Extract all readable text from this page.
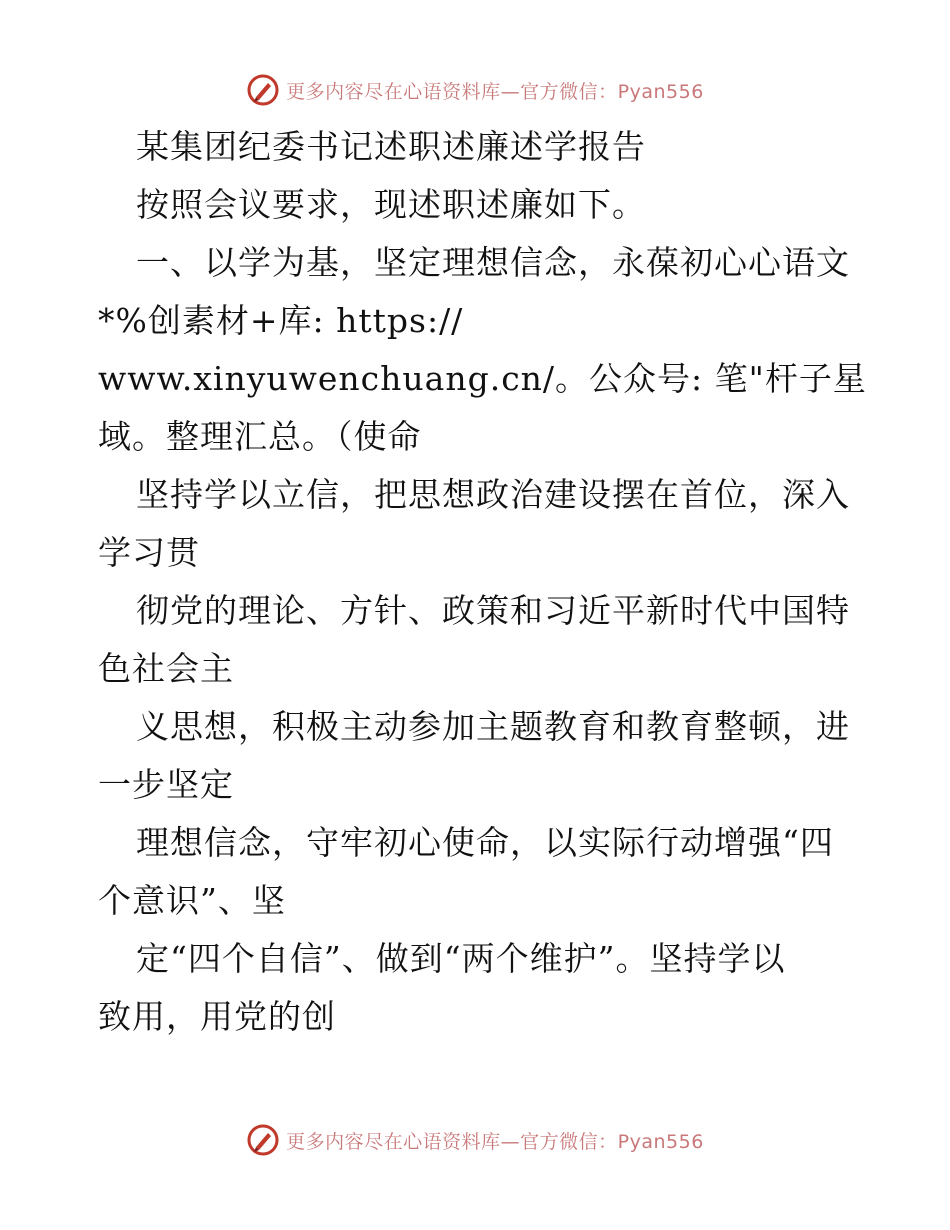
更多内容尽在心语资料库—官方微信：Pyan556
某集团纪委书记述职述廉述学报告
按照会议要求，现述职述廉如下。
一、以学为基，坚定理想信念，永葆初心心语文
*%创素材+库: https://
www.xinyuwenchuang.cn/。公众号: 笔"杆子星
域。整理汇总。（使命
坚持学以立信，把思想政治建设摆在首位，深入
学习贯
彻党的理论、方针、政策和习近平新时代中国特
色社会主
义思想，积极主动参加主题教育和教育整顿，进
一步坚定
理想信念，守牢初心使命，以实际行动增强“四
个意识”、坚
定“四个自信”、做到“两个维护”。坚持学以
致用，用党的创
更多内容尽在心语资料库—官方微信：Pyan556
